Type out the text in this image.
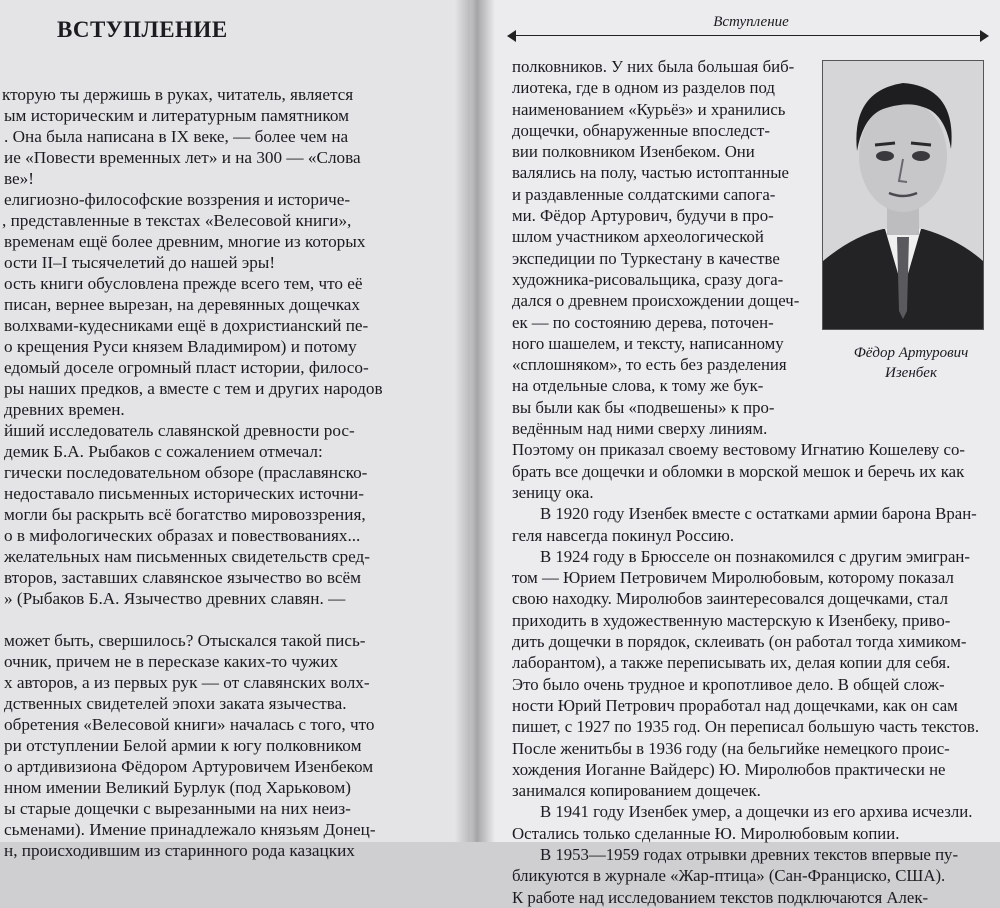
ВСТУПЛЕНИЕ
кторую ты держишь в руках, читатель, является
ым историческим и литературным памятником
. Она была написана в IX веке, — более чем на
ие «Повести временных лет» и на 300 — «Слова
ве»!
елигиозно-философские воззрения и историче-
, представленные в текстах «Велесовой книги»,
временам ещё более древним, многие из которых
ости II–I тысячелетий до нашей эры!
ость книги обусловлена прежде всего тем, что её
писан, вернее вырезан, на деревянных дощечках
волхвами-кудесниками ещё в дохристианский пе-
о крещения Руси князем Владимиром) и потому
едомый доселе огромный пласт истории, филосо-
ры наших предков, а вместе с тем и других народов
древних времен.
йший исследователь славянской древности рос-
демик Б.А. Рыбаков с сожалением отмечал:
гически последовательном обзоре (праславянско-
недоставало письменных исторических источни-
могли бы раскрыть всё богатство мировоззрения,
о в мифологических образах и повествованиях...
желательных нам письменных свидетельств сред-
второв, заставших славянское язычество во всём
» (Рыбаков Б.А. Язычество древних славян. —
может быть, свершилось? Отыскался такой пись-
очник, причем не в пересказе каких-то чужих
х авторов, а из первых рук — от славянских волх-
дственных свидетелей эпохи заката язычества.
обретения «Велесовой книги» началась с того, что
ри отступлении Белой армии к югу полковником
о артдивизиона Фёдором Артуровичем Изенбеком
нном имении Великий Бурлук (под Харьковом)
ы старые дощечки с вырезанными на них неиз-
сьменами). Имение принадлежало князьям Донец-
н, происходившим из старинного рода казацких
Вступление
Фёдор Артурович
Изенбек
полковников. У них была большая биб-
лиотека, где в одном из разделов под
наименованием «Курьёз» и хранились
дощечки, обнаруженные впоследст-
вии полковником Изенбеком. Они
валялись на полу, частью истоптанные
и раздавленные солдатскими сапога-
ми. Фёдор Артурович, будучи в про-
шлом участником археологической
экспедиции по Туркестану в качестве
художника-рисовальщика, сразу дога-
дался о древнем происхождении дощеч-
ек — по состоянию дерева, поточен-
ного шашелем, и тексту, написанному
«сплошняком», то есть без разделения
на отдельные слова, к тому же бук-
вы были как бы «подвешены» к про-
ведённым над ними сверху линиям.
Поэтому он приказал своему вестовому Игнатию Кошелеву со-
брать все дощечки и обломки в морской мешок и беречь их как
зеницу ока.
В 1920 году Изенбек вместе с остатками армии барона Вран-
геля навсегда покинул Россию.
В 1924 году в Брюсселе он познакомился с другим эмигран-
том — Юрием Петровичем Миролюбовым, которому показал
свою находку. Миролюбов заинтересовался дощечками, стал
приходить в художественную мастерскую к Изенбеку, приво-
дить дощечки в порядок, склеивать (он работал тогда химиком-
лаборантом), а также переписывать их, делая копии для себя.
Это было очень трудное и кропотливое дело. В общей слож-
ности Юрий Петрович проработал над дощечками, как он сам
пишет, с 1927 по 1935 год. Он переписал большую часть текстов.
После женитьбы в 1936 году (на бельгийке немецкого проис-
хождения Иоганне Вайдерс) Ю. Миролюбов практически не
занимался копированием дощечек.
В 1941 году Изенбек умер, а дощечки из его архива исчезли.
Остались только сделанные Ю. Миролюбовым копии.
В 1953—1959 годах отрывки древних текстов впервые пу-
бликуются в журнале «Жар-птица» (Сан-Франциско, США).
К работе над исследованием текстов подключаются Алек-
